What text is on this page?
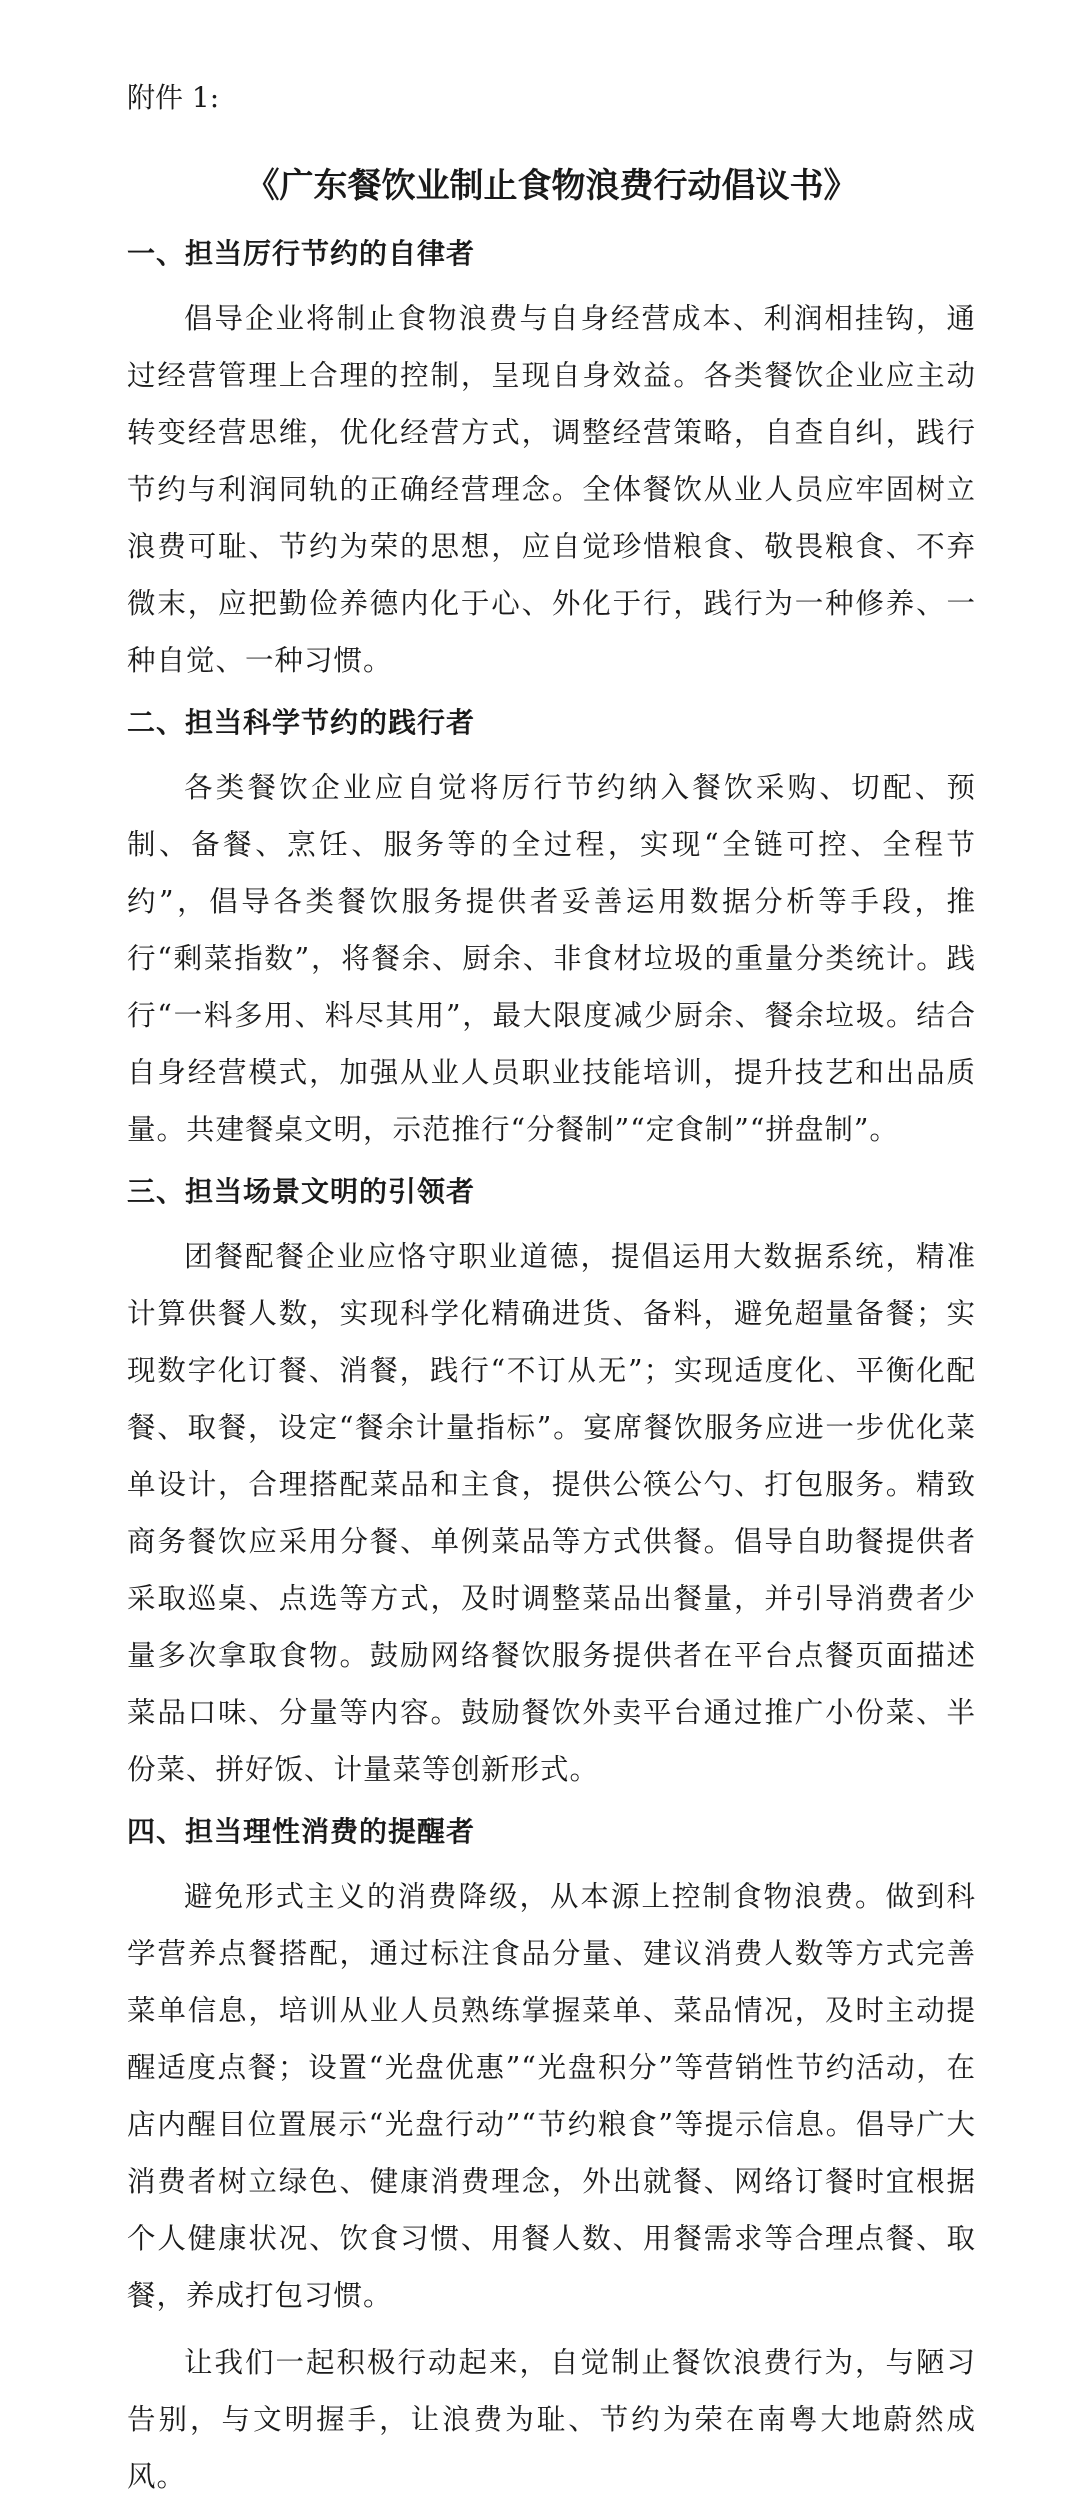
附件 1:

《广东餐饮业制止食物浪费行动倡议书》
一、担当厉行节约的自律者

倡导企业将制止食物浪费与自身经营成本、利润相挂钩，通过经营管理上合理的控制，呈现自身效益。各类餐饮企业应主动转变经营思维，优化经营方式，调整经营策略，自查自纠，践行节约与利润同轨的正确经营理念。全体餐饮从业人员应牢固树立浪费可耻、节约为荣的思想，应自觉珍惜粮食、敬畏粮食、不弃微末，应把勤俭养德内化于心、外化于行，践行为一种修养、一种自觉、一种习惯。

二、担当科学节约的践行者

各类餐饮企业应自觉将厉行节约纳入餐饮采购、切配、预制、备餐、烹饪、服务等的全过程，实现“全链可控、全程节约”，倡导各类餐饮服务提供者妥善运用数据分析等手段，推行“剩菜指数”，将餐余、厨余、非食材垃圾的重量分类统计。践行“一料多用、料尽其用”，最大限度减少厨余、餐余垃圾。结合自身经营模式，加强从业人员职业技能培训，提升技艺和出品质量。共建餐桌文明，示范推行“分餐制”“定食制”“拼盘制”。

三、担当场景文明的引领者

团餐配餐企业应恪守职业道德，提倡运用大数据系统，精准计算供餐人数，实现科学化精确进货、备料，避免超量备餐；实现数字化订餐、消餐，践行“不订从无”；实现适度化、平衡化配餐、取餐，设定“餐余计量指标”。宴席餐饮服务应进一步优化菜单设计，合理搭配菜品和主食，提供公筷公勺、打包服务。精致商务餐饮应采用分餐、单例菜品等方式供餐。倡导自助餐提供者采取巡桌、点选等方式，及时调整菜品出餐量，并引导消费者少量多次拿取食物。鼓励网络餐饮服务提供者在平台点餐页面描述菜品口味、分量等内容。鼓励餐饮外卖平台通过推广小份菜、半份菜、拼好饭、计量菜等创新形式。

四、担当理性消费的提醒者

避免形式主义的消费降级，从本源上控制食物浪费。做到科学营养点餐搭配，通过标注食品分量、建议消费人数等方式完善菜单信息，培训从业人员熟练掌握菜单、菜品情况，及时主动提醒适度点餐；设置“光盘优惠”“光盘积分”等营销性节约活动，在店内醒目位置展示“光盘行动”“节约粮食”等提示信息。倡导广大消费者树立绿色、健康消费理念，外出就餐、网络订餐时宜根据个人健康状况、饮食习惯、用餐人数、用餐需求等合理点餐、取餐，养成打包习惯。

让我们一起积极行动起来，自觉制止餐饮浪费行为，与陋习告别，与文明握手，让浪费为耻、节约为荣在南粤大地蔚然成风。
